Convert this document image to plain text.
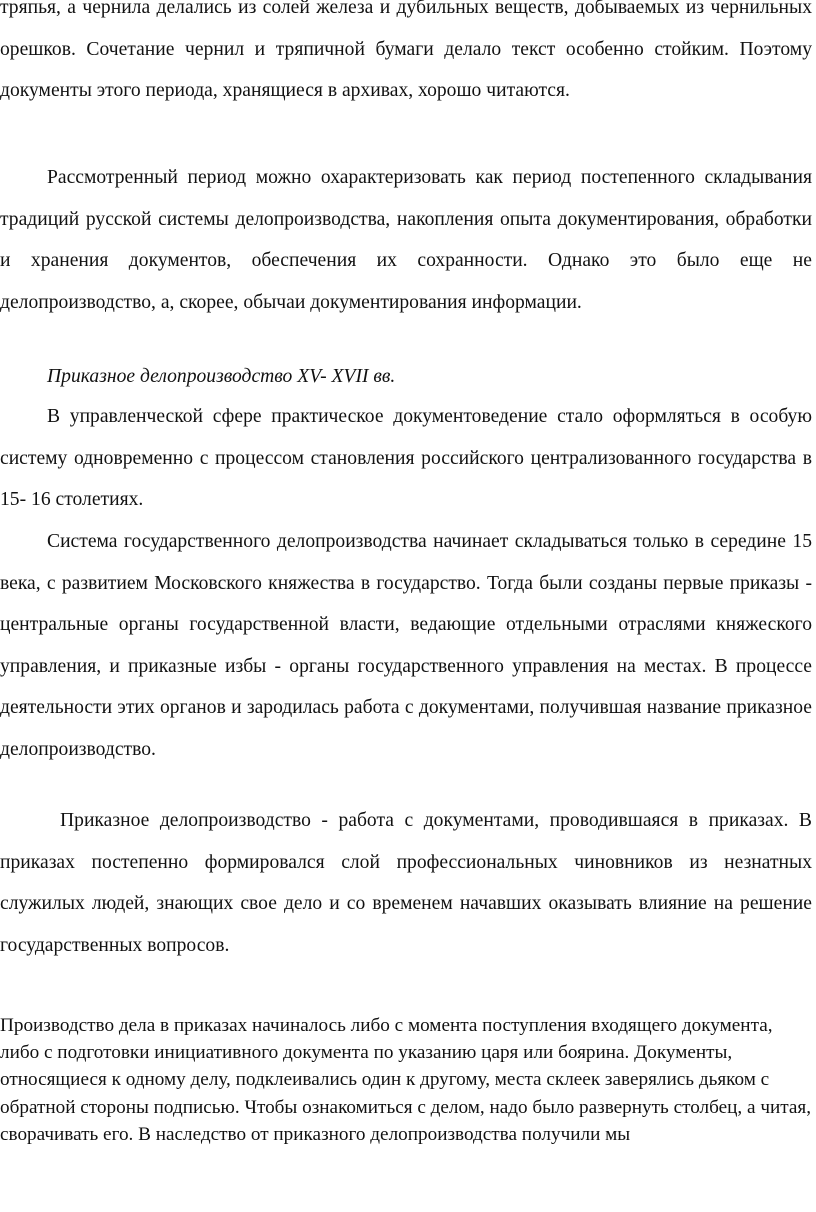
тряпья, а чернила делались из солей железа и дубильных веществ, добываемых из чернильных орешков. Сочетание чернил и тряпичной бумаги делало текст особенно стойким. Поэтому документы этого периода, хранящиеся в архивах, хорошо читаются.

Рассмотренный период можно охарактеризовать как период постепенного складывания традиций русской системы делопроизводства, накопления опыта документирования, обработки и хранения документов, обеспечения их сохранности. Однако это было еще не делопроизводство, а, скорее, обычаи документирования информации.

Приказное делопроизводство XV- XVII вв.

В управленческой сфере практическое документоведение стало оформляться в особую систему одновременно с процессом становления российского централизованного государства в 15- 16 столетиях.

Система государственного делопроизводства начинает складываться только в середине 15 века, с развитием Московского княжества в государство. Тогда были созданы первые приказы - центральные органы государственной власти, ведающие отдельными отраслями княжеского управления, и приказные избы - органы государственного управления на местах. В процессе деятельности этих органов и зародилась работа с документами, получившая название приказное делопроизводство.

Приказное делопроизводство - работа с документами, проводившаяся в приказах. В приказах постепенно формировался слой профессиональных чиновников из незнатных служилых людей, знающих свое дело и со временем начавших оказывать влияние на решение государственных вопросов.

Производство дела в приказах начиналось либо с момента поступления входящего документа, либо с подготовки инициативного документа по указанию царя или боярина. Документы, относящиеся к одному делу, подклеивались один к другому, места склеек заверялись дьяком с обратной стороны подписью. Чтобы ознакомиться с делом, надо было развернуть столбец, а читая, сворачивать его. В наследство от приказного делопроизводства получили мы
